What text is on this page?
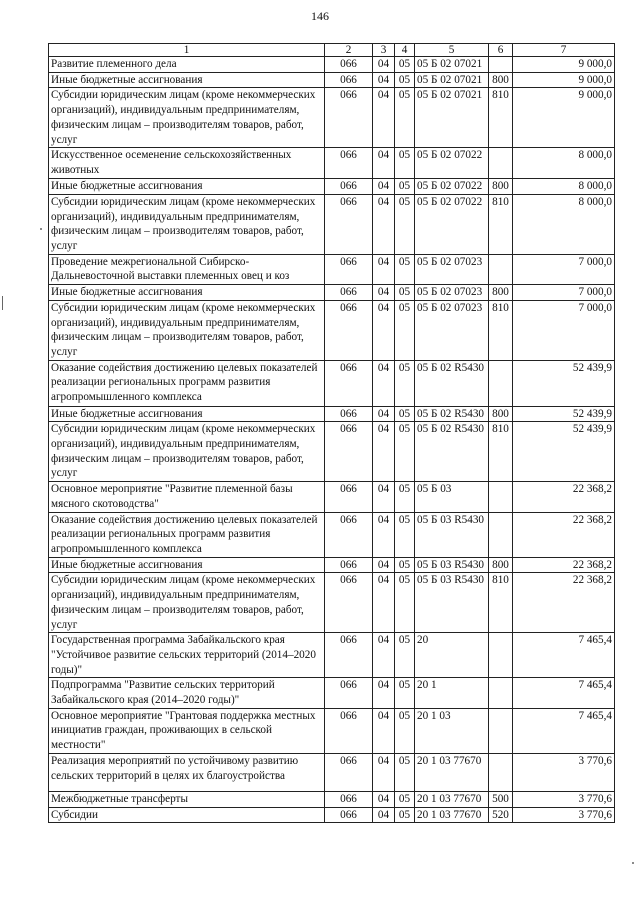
146
1	2	3	4	5	6	7
Развитие племенного дела	066	04	05	05 Б 02 07021		9 000,0
Иные бюджетные ассигнования	066	04	05	05 Б 02 07021	800	9 000,0
Субсидии юридическим лицам (кроме некоммерческих организаций), индивидуальным предпринимателям, физическим лицам – производителям товаров, работ, услуг	066	04	05	05 Б 02 07021	810	9 000,0
Искусственное осеменение сельскохозяйственных животных	066	04	05	05 Б 02 07022		8 000,0
Иные бюджетные ассигнования	066	04	05	05 Б 02 07022	800	8 000,0
Субсидии юридическим лицам (кроме некоммерческих организаций), индивидуальным предпринимателям, физическим лицам – производителям товаров, работ, услуг	066	04	05	05 Б 02 07022	810	8 000,0
Проведение межрегиональной Сибирско-Дальневосточной выставки племенных овец и коз	066	04	05	05 Б 02 07023		7 000,0
Иные бюджетные ассигнования	066	04	05	05 Б 02 07023	800	7 000,0
Субсидии юридическим лицам (кроме некоммерческих организаций), индивидуальным предпринимателям, физическим лицам – производителям товаров, работ, услуг	066	04	05	05 Б 02 07023	810	7 000,0
Оказание содействия достижению целевых показателей реализации региональных программ развития агропромышленного комплекса	066	04	05	05 Б 02 R5430		52 439,9
Иные бюджетные ассигнования	066	04	05	05 Б 02 R5430	800	52 439,9
Субсидии юридическим лицам (кроме некоммерческих организаций), индивидуальным предпринимателям, физическим лицам – производителям товаров, работ, услуг	066	04	05	05 Б 02 R5430	810	52 439,9
Основное мероприятие "Развитие племенной базы мясного скотоводства"	066	04	05	05 Б 03		22 368,2
Оказание содействия достижению целевых показателей реализации региональных программ развития агропромышленного комплекса	066	04	05	05 Б 03 R5430		22 368,2
Иные бюджетные ассигнования	066	04	05	05 Б 03 R5430	800	22 368,2
Субсидии юридическим лицам (кроме некоммерческих организаций), индивидуальным предпринимателям, физическим лицам – производителям товаров, работ, услуг	066	04	05	05 Б 03 R5430	810	22 368,2
Государственная программа Забайкальского края "Устойчивое развитие сельских территорий (2014–2020 годы)"	066	04	05	20		7 465,4
Подпрограмма "Развитие сельских территорий Забайкальского края (2014–2020 годы)"	066	04	05	20 1		7 465,4
Основное мероприятие "Грантовая поддержка местных инициатив граждан, проживающих в сельской местности"	066	04	05	20 1 03		7 465,4
Реализация мероприятий по устойчивому развитию сельских территорий в целях их благоустройства	066	04	05	20 1 03 77670		3 770,6
Межбюджетные трансферты	066	04	05	20 1 03 77670	500	3 770,6
Субсидии	066	04	05	20 1 03 77670	520	3 770,6
